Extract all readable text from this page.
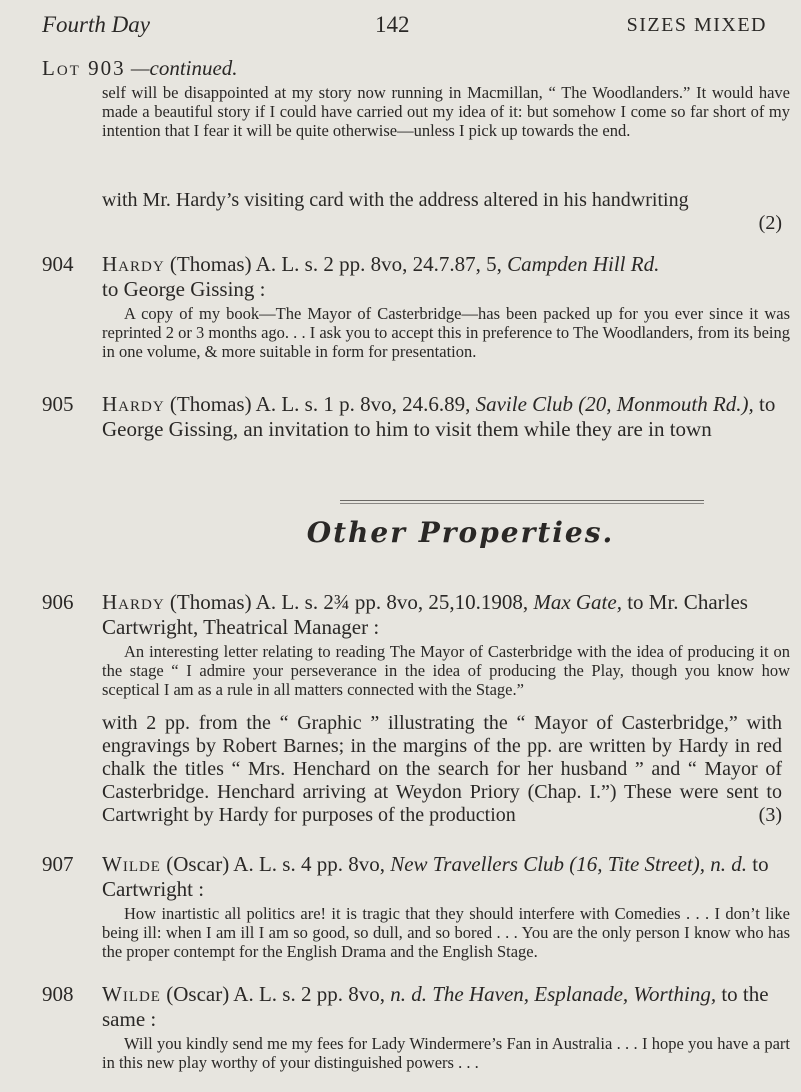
Fourth Day	142	SIZES MIXED
Lot 903 —continued.
self will be disappointed at my story now running in Macmillan, “ The Woodlanders.” It would have made a beautiful story if I could have carried out my idea of it: but somehow I come so far short of my intention that I fear it will be quite otherwise—unless I pick up towards the end.
with Mr. Hardy’s visiting card with the address altered in his handwriting
(2)
904 Hardy (Thomas) A. L. s. 2 pp. 8vo, 24.7.87, 5, Campden Hill Rd.
to George Gissing :
A copy of my book—The Mayor of Casterbridge—has been packed up for you ever since it was reprinted 2 or 3 months ago. . . I ask you to accept this in preference to The Woodlanders, from its being in one volume, & more suitable in form for presentation.
905 Hardy (Thomas) A. L. s. 1 p. 8vo, 24.6.89, Savile Club (20, Monmouth Rd.), to George Gissing, an invitation to him to visit them while they are in town
Other Properties.
906 Hardy (Thomas) A. L. s. 2¾ pp. 8vo, 25,10.1908, Max Gate, to Mr. Charles Cartwright, Theatrical Manager :
An interesting letter relating to reading The Mayor of Casterbridge with the idea of producing it on the stage “ I admire your perseverance in the idea of producing the Play, though you know how sceptical I am as a rule in all matters connected with the Stage.”
with 2 pp. from the “ Graphic ” illustrating the “ Mayor of Casterbridge,” with engravings by Robert Barnes; in the margins of the pp. are written by Hardy in red chalk the titles “ Mrs. Henchard on the search for her husband ” and “ Mayor of Casterbridge. Henchard arriving at Weydon Priory (Chap. I.”) These were sent to Cartwright by Hardy for purposes of the production	(3)
907 Wilde (Oscar) A. L. s. 4 pp. 8vo, New Travellers Club (16, Tite Street), n. d. to Cartwright :
How inartistic all politics are! it is tragic that they should interfere with Comedies . . . I don’t like being ill: when I am ill I am so good, so dull, and so bored . . . You are the only person I know who has the proper contempt for the English Drama and the English Stage.
908 Wilde (Oscar) A. L. s. 2 pp. 8vo, n. d. The Haven, Esplanade, Worthing, to the same :
Will you kindly send me my fees for Lady Windermere’s Fan in Australia . . . I hope you have a part in this new play worthy of your distinguished powers . . .
